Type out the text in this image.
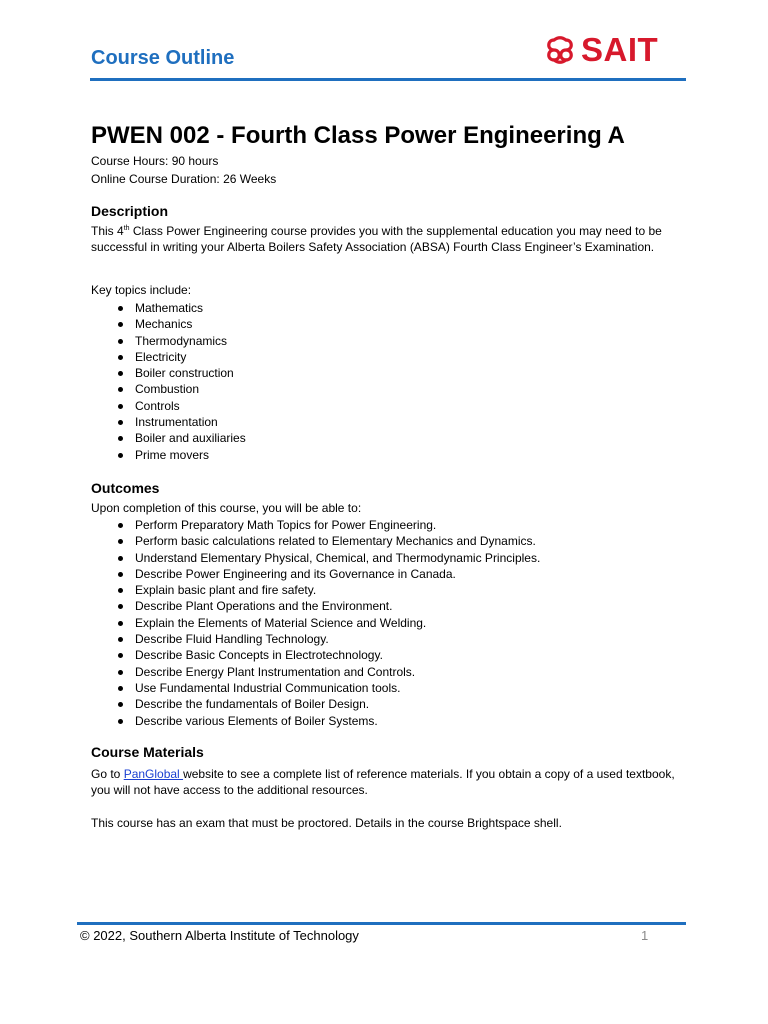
Course Outline	SAIT
PWEN 002 - Fourth Class Power Engineering A
Course Hours: 90 hours
Online Course Duration: 26 Weeks
Description
This 4th Class Power Engineering course provides you with the supplemental education you may need to be successful in writing your Alberta Boilers Safety Association (ABSA) Fourth Class Engineer’s Examination.
Key topics include:
Mathematics
Mechanics
Thermodynamics
Electricity
Boiler construction
Combustion
Controls
Instrumentation
Boiler and auxiliaries
Prime movers
Outcomes
Upon completion of this course, you will be able to:
Perform Preparatory Math Topics for Power Engineering.
Perform basic calculations related to Elementary Mechanics and Dynamics.
Understand Elementary Physical, Chemical, and Thermodynamic Principles.
Describe Power Engineering and its Governance in Canada.
Explain basic plant and fire safety.
Describe Plant Operations and the Environment.
Explain the Elements of Material Science and Welding.
Describe Fluid Handling Technology.
Describe Basic Concepts in Electrotechnology.
Describe Energy Plant Instrumentation and Controls.
Use Fundamental Industrial Communication tools.
Describe the fundamentals of Boiler Design.
Describe various Elements of Boiler Systems.
Course Materials
Go to PanGlobal website to see a complete list of reference materials. If you obtain a copy of a used textbook, you will not have access to the additional resources.
This course has an exam that must be proctored. Details in the course Brightspace shell.
© 2022, Southern Alberta Institute of Technology	1
